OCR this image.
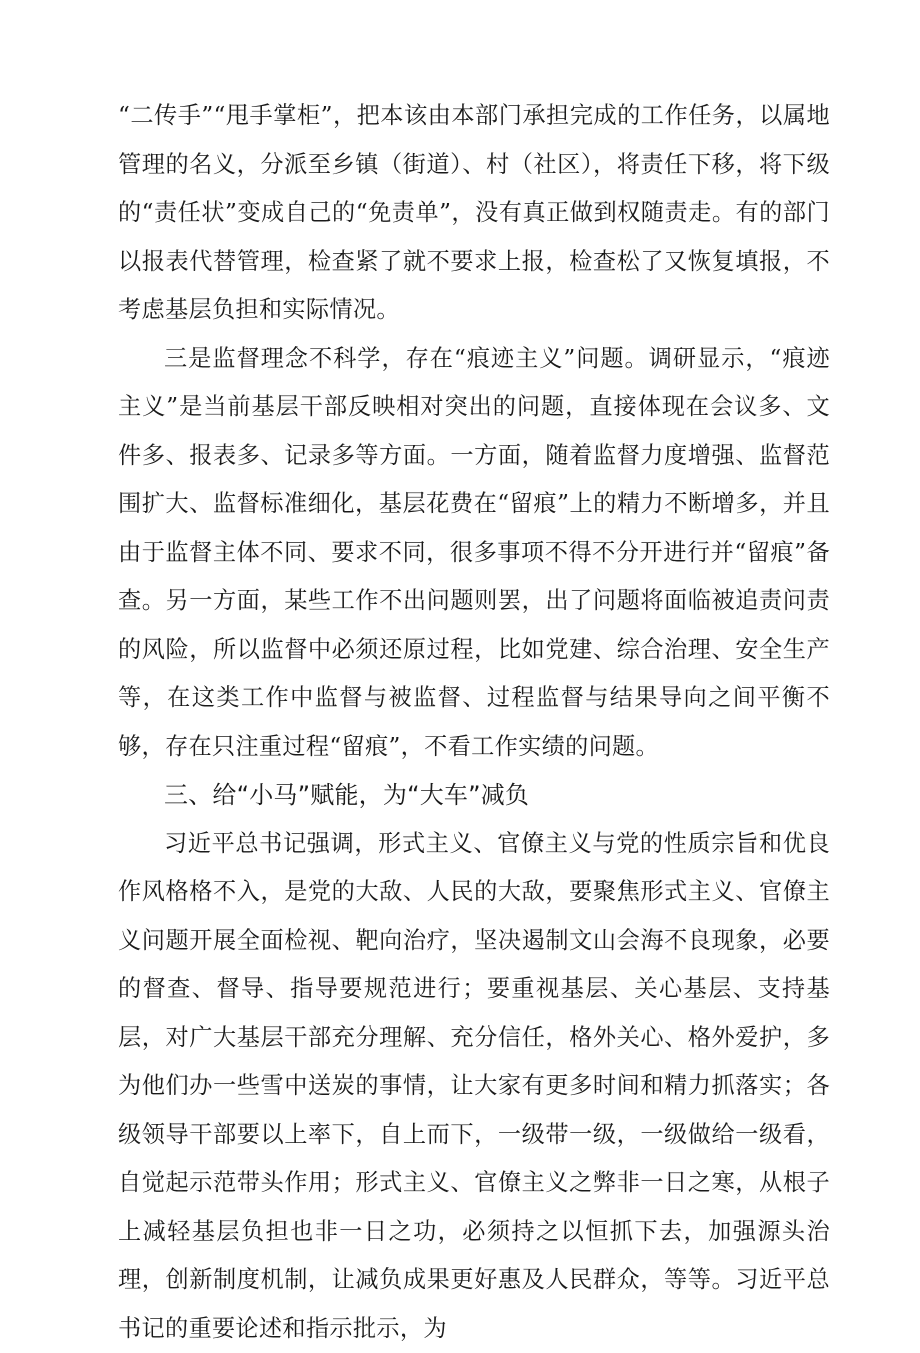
“二传手”“甩手掌柜”，把本该由本部门承担完成的工作任务，以属地管理的名义，分派至乡镇（街道）、村（社区），将责任下移，将下级的“责任状”变成自己的“免责单”，没有真正做到权随责走。有的部门以报表代替管理，检查紧了就不要求上报，检查松了又恢复填报，不考虑基层负担和实际情况。

三是监督理念不科学，存在“痕迹主义”问题。调研显示，“痕迹主义”是当前基层干部反映相对突出的问题，直接体现在会议多、文件多、报表多、记录多等方面。一方面，随着监督力度增强、监督范围扩大、监督标准细化，基层花费在“留痕”上的精力不断增多，并且由于监督主体不同、要求不同，很多事项不得不分开进行并“留痕”备查。另一方面，某些工作不出问题则罢，出了问题将面临被追责问责的风险，所以监督中必须还原过程，比如党建、综合治理、安全生产等，在这类工作中监督与被监督、过程监督与结果导向之间平衡不够，存在只注重过程“留痕”，不看工作实绩的问题。

三、给“小马”赋能，为“大车”减负

习近平总书记强调，形式主义、官僚主义与党的性质宗旨和优良作风格格不入，是党的大敌、人民的大敌，要聚焦形式主义、官僚主义问题开展全面检视、靶向治疗，坚决遏制文山会海不良现象，必要的督查、督导、指导要规范进行；要重视基层、关心基层、支持基层，对广大基层干部充分理解、充分信任，格外关心、格外爱护，多为他们办一些雪中送炭的事情，让大家有更多时间和精力抓落实；各级领导干部要以上率下，自上而下，一级带一级，一级做给一级看，自觉起示范带头作用；形式主义、官僚主义之弊非一日之寒，从根子上减轻基层负担也非一日之功，必须持之以恒抓下去，加强源头治理，创新制度机制，让减负成果更好惠及人民群众，等等。习近平总书记的重要论述和指示批示，为
